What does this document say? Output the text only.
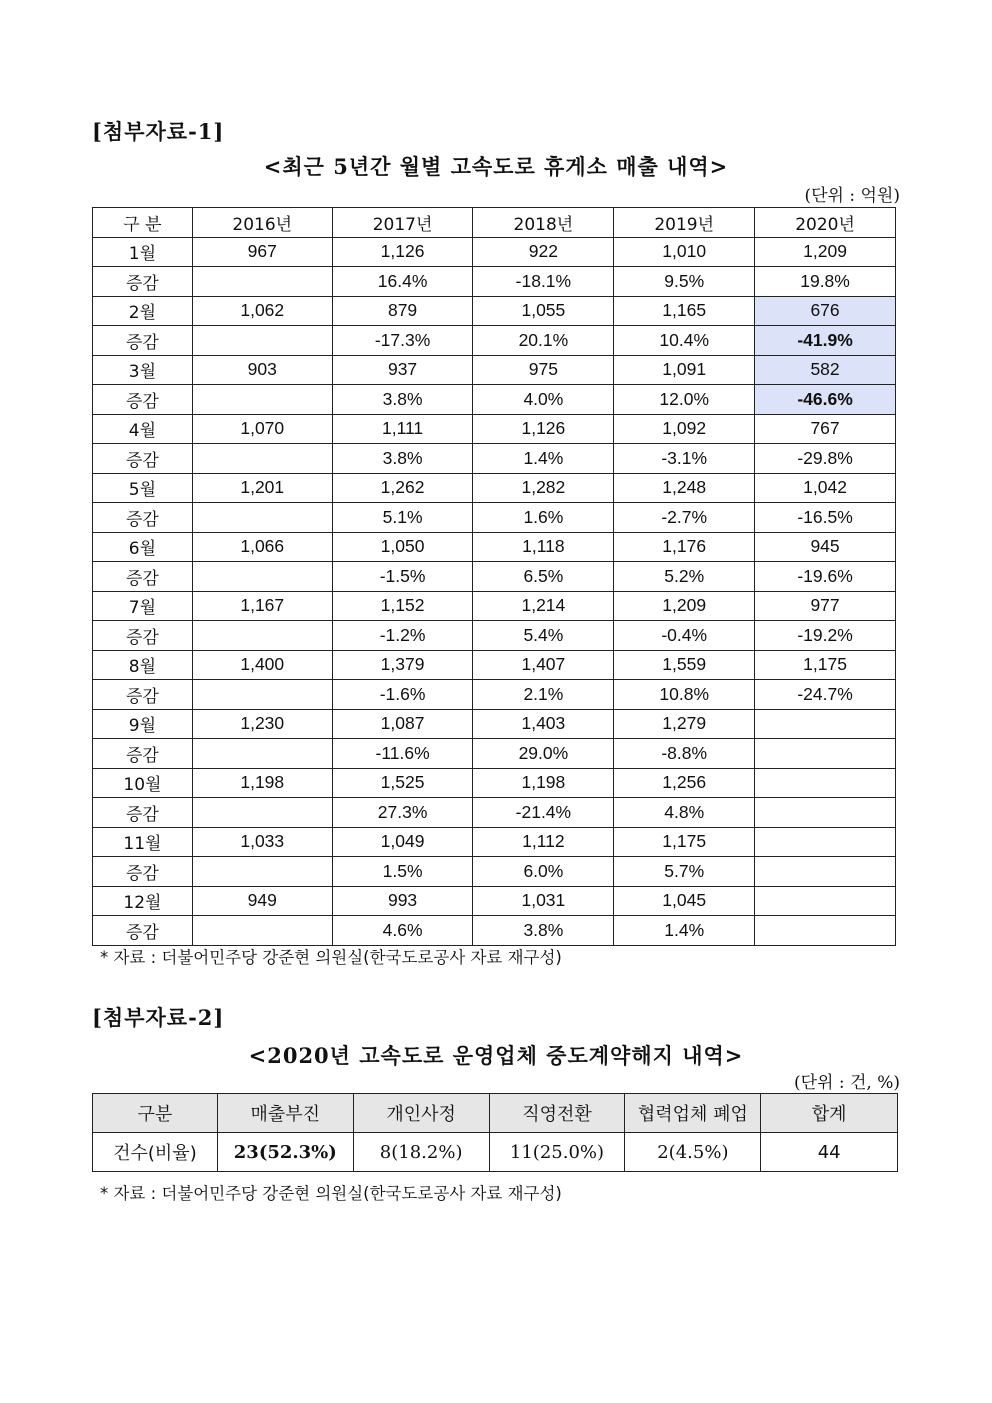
[첨부자료-1]
<최근 5년간 월별 고속도로 휴게소 매출 내역>
(단위 : 억원)
구 분	2016년	2017년	2018년	2019년	2020년
1월	967	1,126	922	1,010	1,209
증감		16.4%	-18.1%	9.5%	19.8%
2월	1,062	879	1,055	1,165	676
증감		-17.3%	20.1%	10.4%	-41.9%
3월	903	937	975	1,091	582
증감		3.8%	4.0%	12.0%	-46.6%
4월	1,070	1,111	1,126	1,092	767
증감		3.8%	1.4%	-3.1%	-29.8%
5월	1,201	1,262	1,282	1,248	1,042
증감		5.1%	1.6%	-2.7%	-16.5%
6월	1,066	1,050	1,118	1,176	945
증감		-1.5%	6.5%	5.2%	-19.6%
7월	1,167	1,152	1,214	1,209	977
증감		-1.2%	5.4%	-0.4%	-19.2%
8월	1,400	1,379	1,407	1,559	1,175
증감		-1.6%	2.1%	10.8%	-24.7%
9월	1,230	1,087	1,403	1,279	
증감		-11.6%	29.0%	-8.8%	
10월	1,198	1,525	1,198	1,256	
증감		27.3%	-21.4%	4.8%	
11월	1,033	1,049	1,112	1,175	
증감		1.5%	6.0%	5.7%	
12월	949	993	1,031	1,045	
증감		4.6%	3.8%	1.4%	
* 자료 : 더불어민주당 강준현 의원실(한국도로공사 자료 재구성)
[첨부자료-2]
<2020년 고속도로 운영업체 중도계약해지 내역>
(단위 : 건, %)
구분	매출부진	개인사정	직영전환	협력업체 폐업	합계
건수(비율)	23(52.3%)	8(18.2%)	11(25.0%)	2(4.5%)	44
* 자료 : 더불어민주당 강준현 의원실(한국도로공사 자료 재구성)
